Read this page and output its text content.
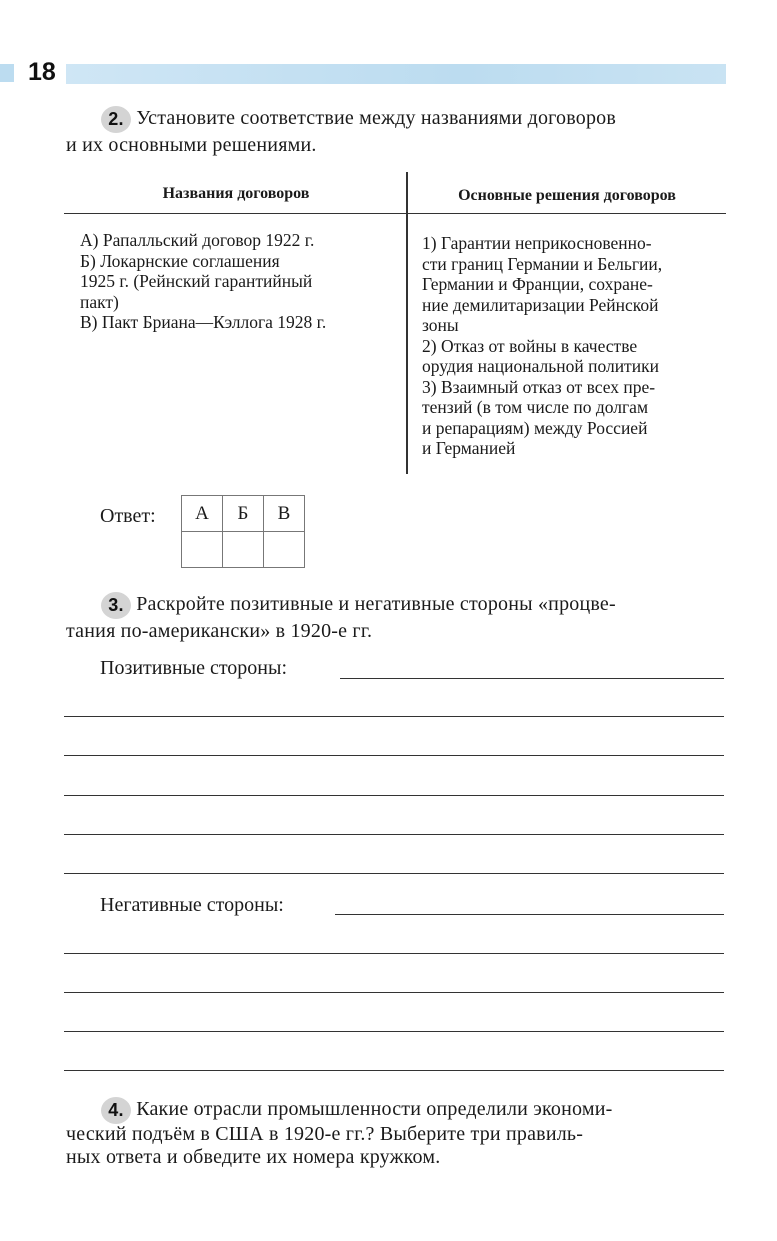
18
2. Установите соответствие между названиями договоров
и их основными решениями.
Названия договоров	Основные решения договоров
А) Рапалльский договор 1922 г.
Б) Локарнские соглашения
1925 г. (Рейнский гарантийный
пакт)
В) Пакт Бриана—Кэллога 1928 г.
1) Гарантии неприкосновенно-
сти границ Германии и Бельгии,
Германии и Франции, сохране-
ние демилитаризации Рейнской
зоны
2) Отказ от войны в качестве
орудия национальной политики
3) Взаимный отказ от всех пре-
тензий (в том числе по долгам
и репарациям) между Россией
и Германией
Ответ: А	Б	В

3. Раскройте позитивные и негативные стороны «процве-
тания по-американски» в 1920-е гг.
Позитивные стороны:
Негативные стороны:
4. Какие отрасли промышленности определили экономи-
ческий подъём в США в 1920-е гг.? Выберите три правиль-
ных ответа и обведите их номера кружком.
